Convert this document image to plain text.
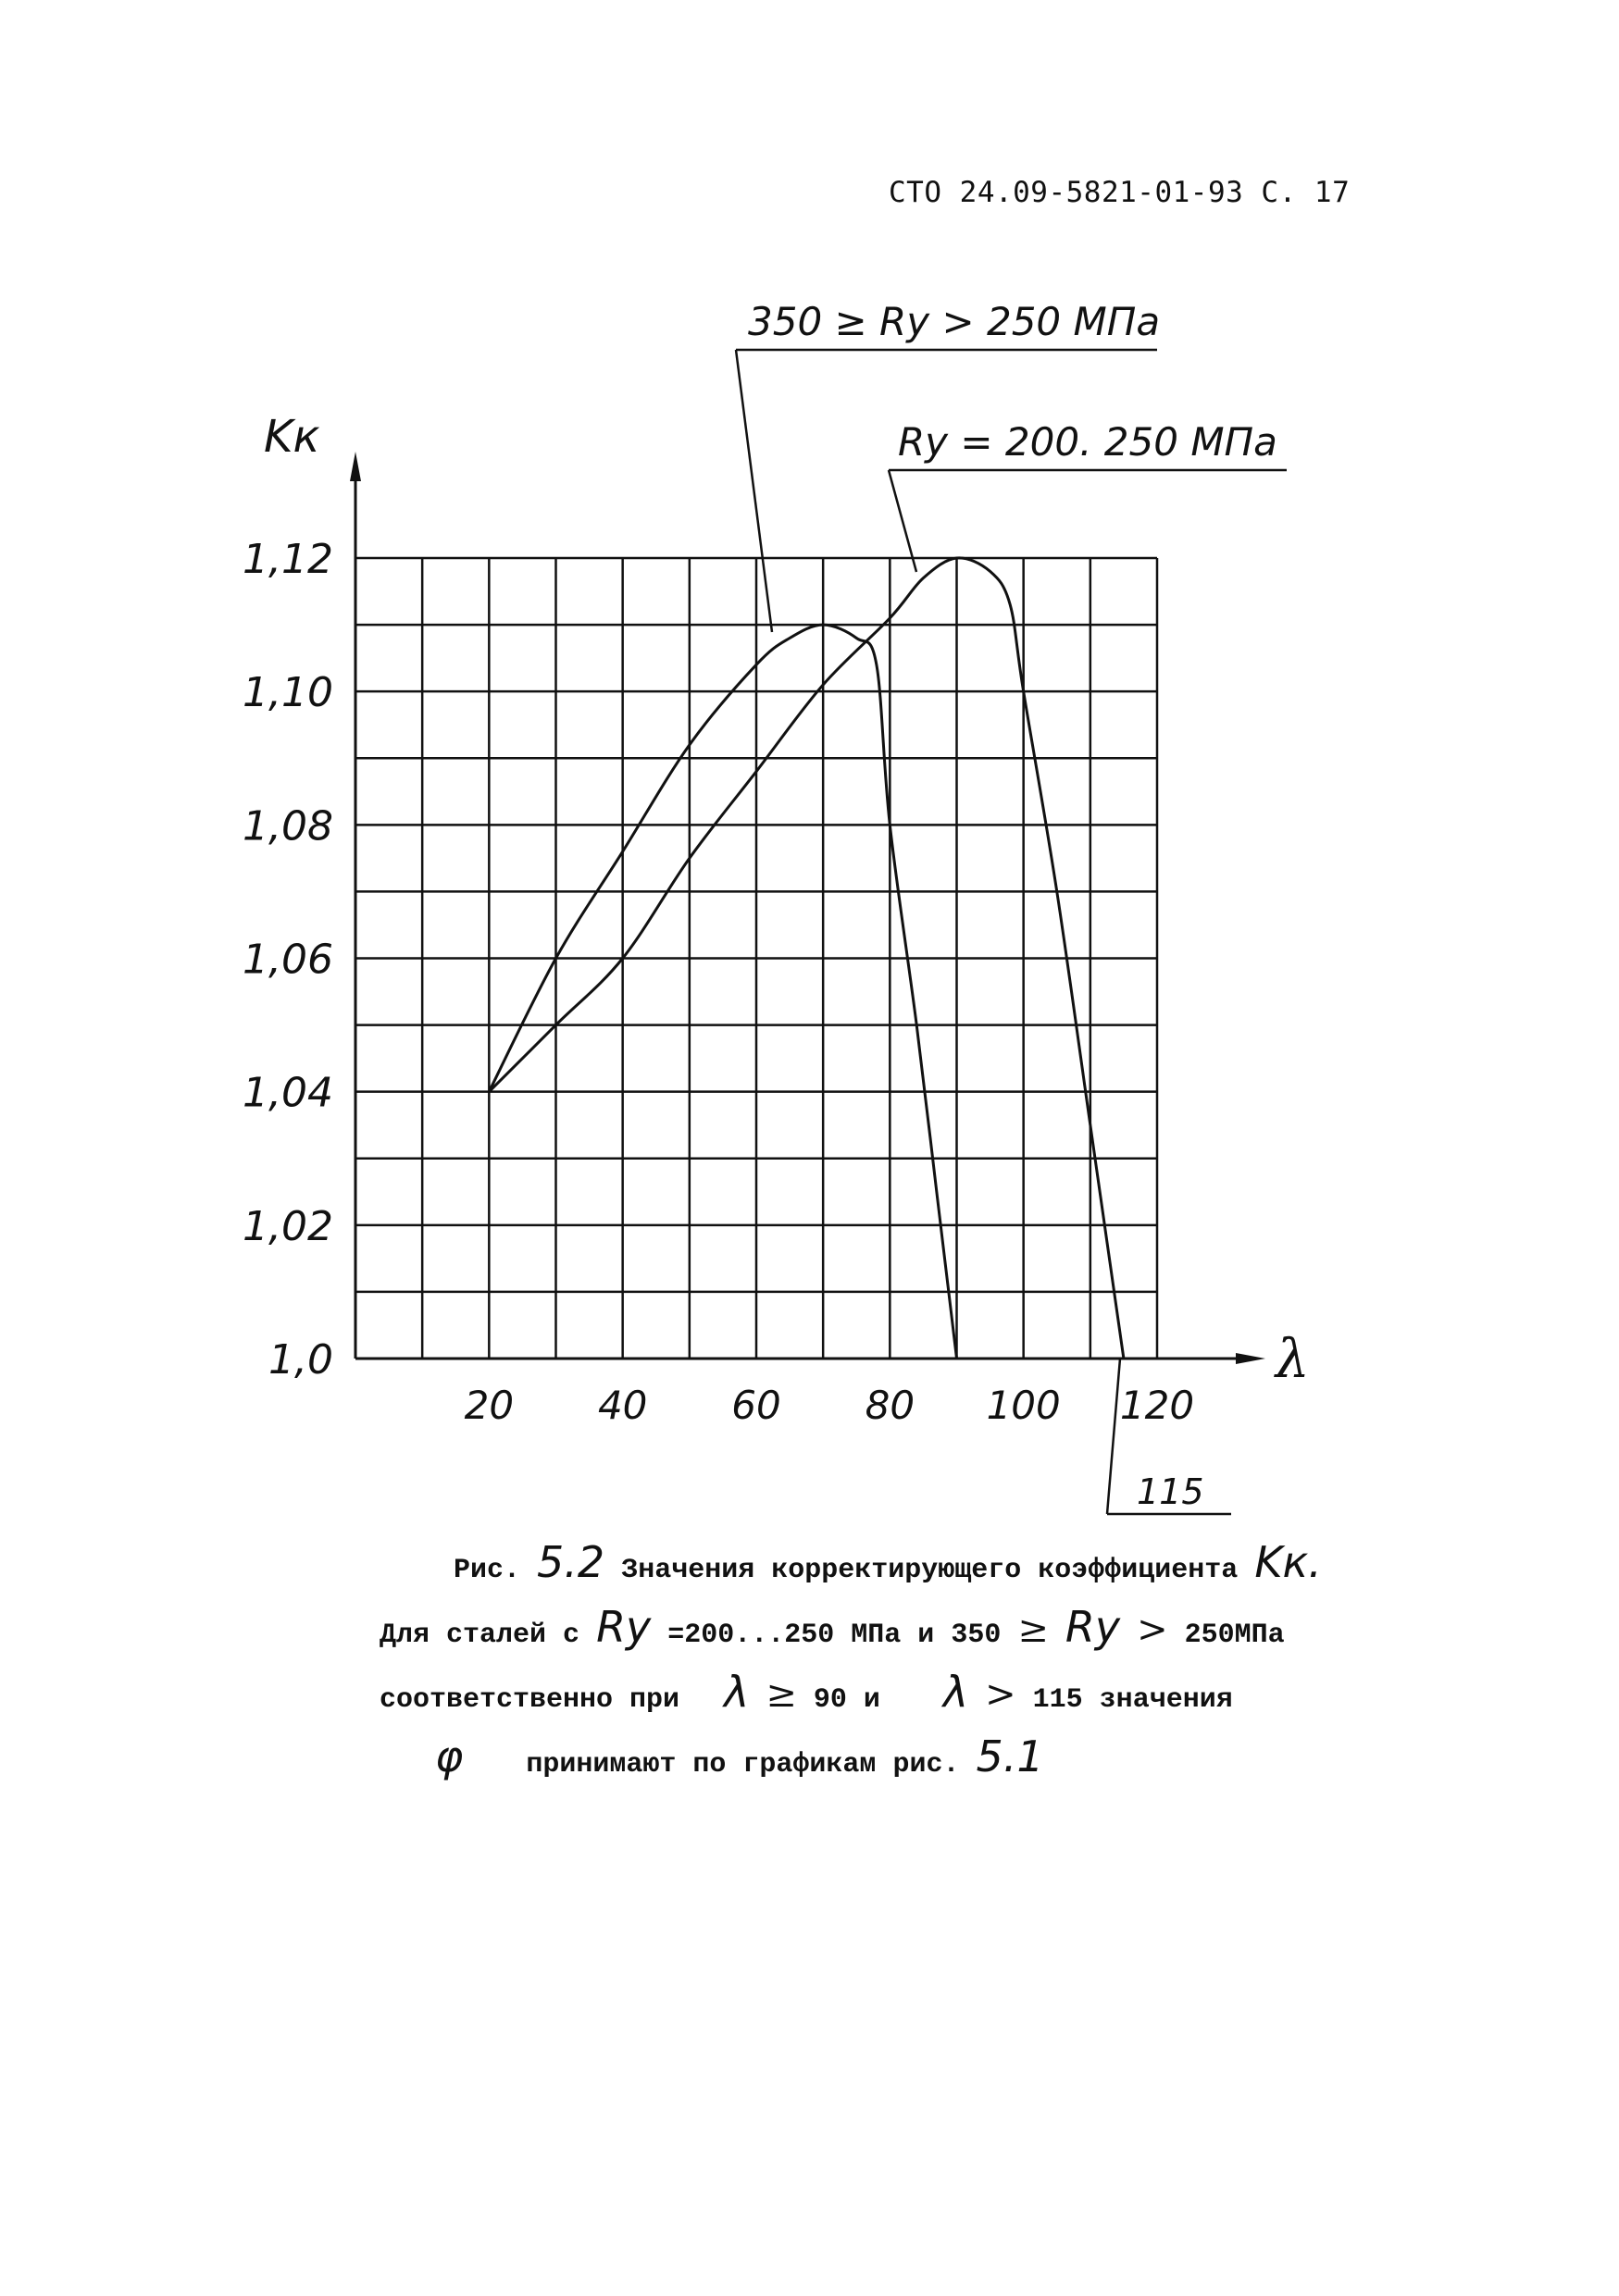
СТО 24.09-5821-01-93 С. 17
1,0
1,02
1,04
1,06
1,08
1,10
1,12
20 40 60 80 100 120
Kк
λ
350 ≥ Ry > 250 МПа
Ry = 200. 250 МПа
115
Рис. 5.2 Значения корректирующего коэффициента Kк.
Для сталей с Ry =200...250 МПа и 350 ≥ Ry > 250МПа
соответственно при λ ≥ 90 и λ > 115 значения
φ принимают по графикам рис. 5.1
